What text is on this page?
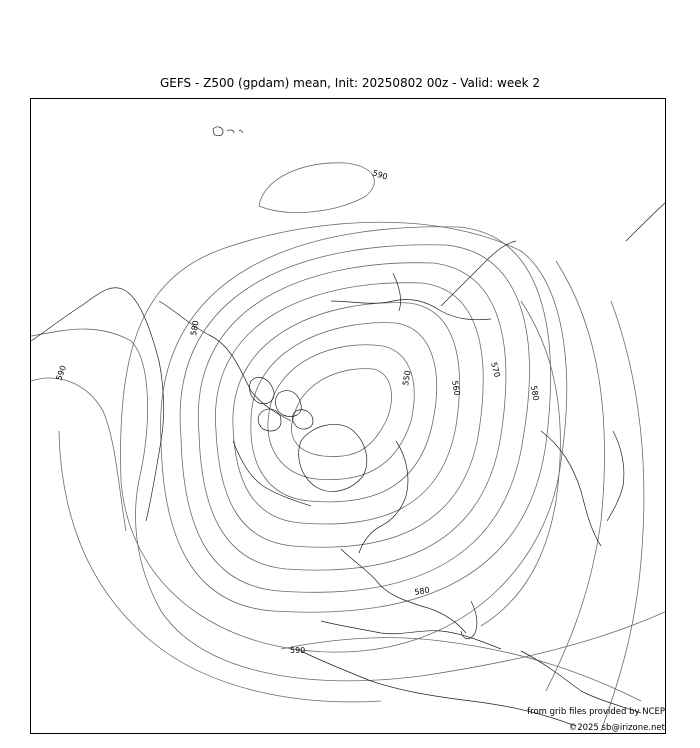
GEFS - Z500 (gpdam) mean, Init: 20250802 00z - Valid: week 2
590
590
590
580
580
580
570
560
550
from grib files provided by NCEP
©2025 sb@irizone.net
